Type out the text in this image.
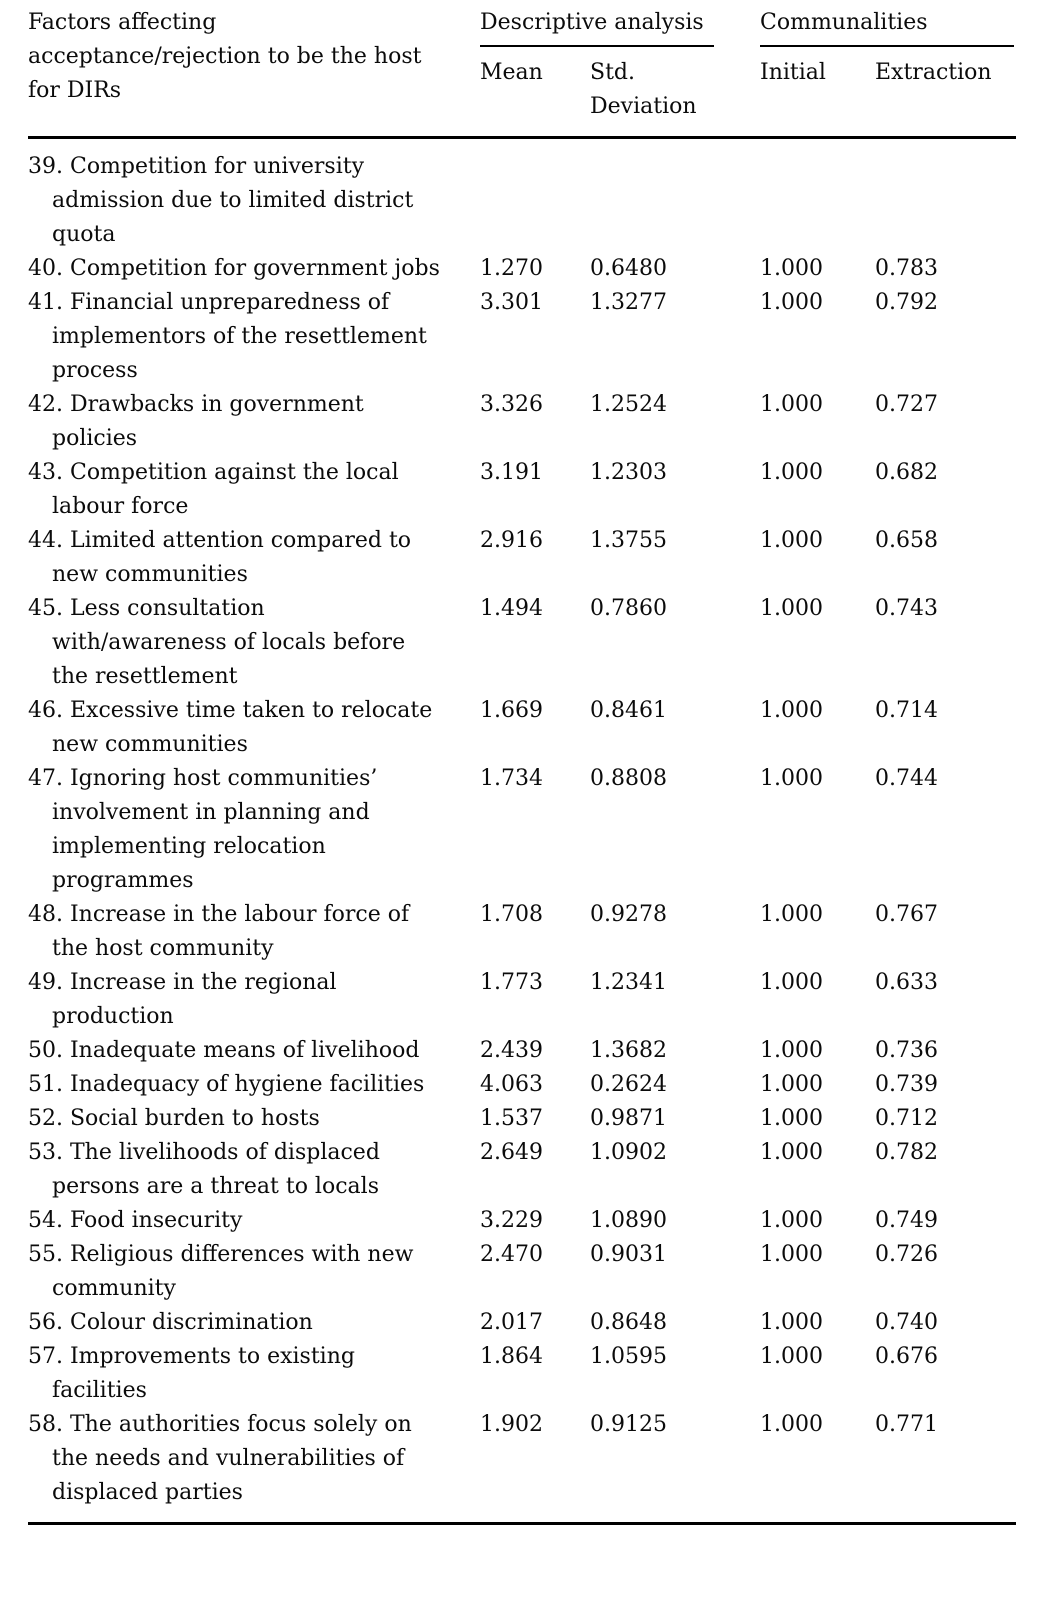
Factors affecting acceptance/rejection to be the host for DIRs	Descriptive analysis		Communalities	

	Mean	Std. Deviation	Initial	Extraction
39. Competition for university admission due to limited district quota				
40. Competition for government jobs	1.270	0.6480	1.000	0.783
41. Financial unpreparedness of implementors of the resettlement process	3.301	1.3277	1.000	0.792
42. Drawbacks in government policies	3.326	1.2524	1.000	0.727
43. Competition against the local labour force	3.191	1.2303	1.000	0.682
44. Limited attention compared to new communities	2.916	1.3755	1.000	0.658
45. Less consultation with/awareness of locals before the resettlement	1.494	0.7860	1.000	0.743
46. Excessive time taken to relocate new communities	1.669	0.8461	1.000	0.714
47. Ignoring host communities’ involvement in planning and implementing relocation programmes	1.734	0.8808	1.000	0.744
48. Increase in the labour force of the host community	1.708	0.9278	1.000	0.767
49. Increase in the regional production	1.773	1.2341	1.000	0.633
50. Inadequate means of livelihood	2.439	1.3682	1.000	0.736
51. Inadequacy of hygiene facilities	4.063	0.2624	1.000	0.739
52. Social burden to hosts	1.537	0.9871	1.000	0.712
53. The livelihoods of displaced persons are a threat to locals	2.649	1.0902	1.000	0.782
54. Food insecurity	3.229	1.0890	1.000	0.749
55. Religious differences with new community	2.470	0.9031	1.000	0.726
56. Colour discrimination	2.017	0.8648	1.000	0.740
57. Improvements to existing facilities	1.864	1.0595	1.000	0.676
58. The authorities focus solely on the needs and vulnerabilities of displaced parties	1.902	0.9125	1.000	0.771
